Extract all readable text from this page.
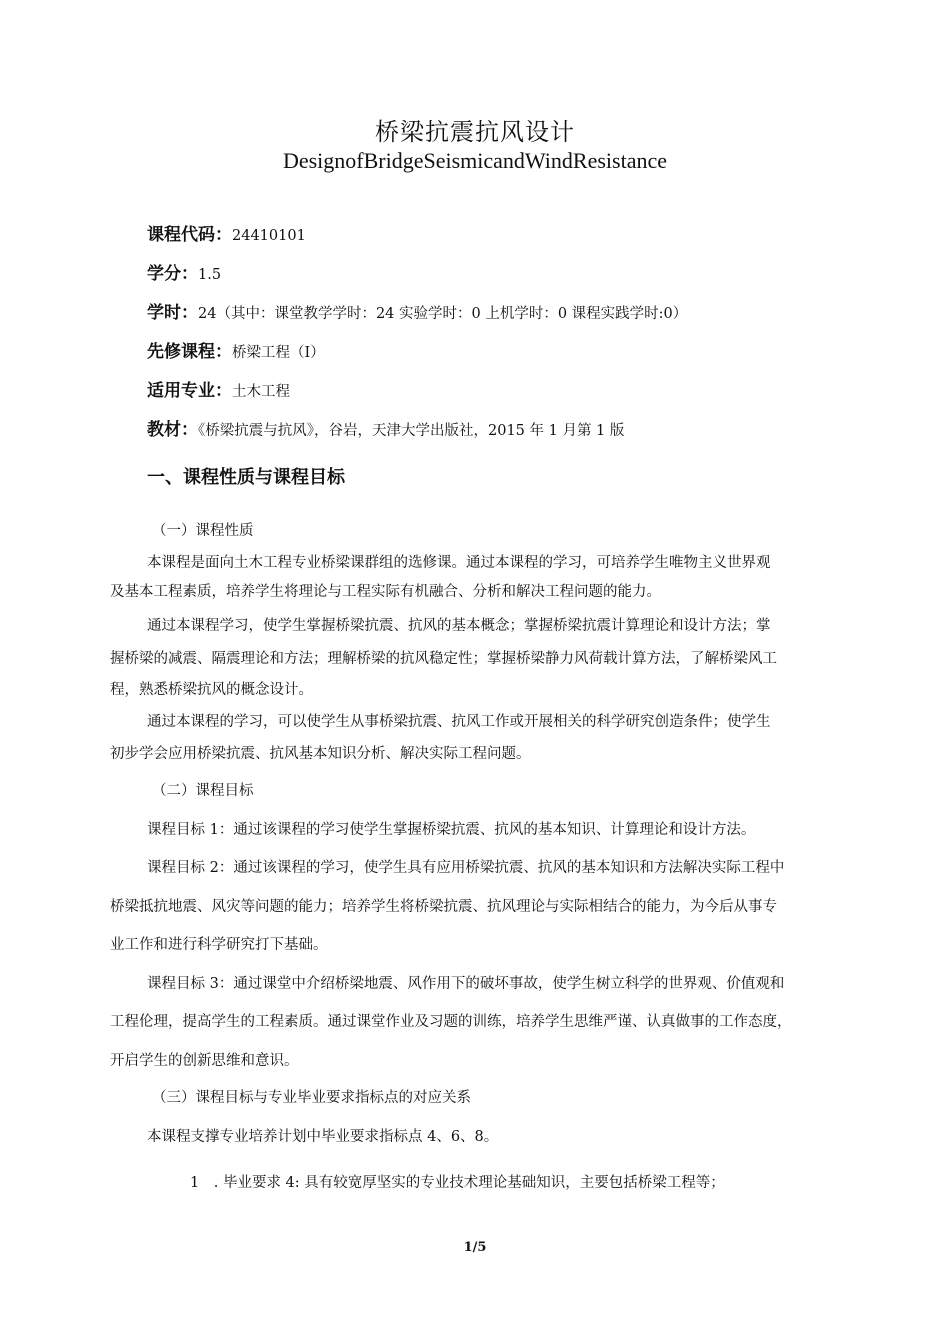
桥梁抗震抗风设计
DesignofBridgeSeismicandWindResistance
课程代码：24410101
学分：1.5
学时：24（其中：课堂教学学时：24 实验学时：0 上机学时：0 课程实践学时:0）
先修课程：桥梁工程（I）
适用专业：土木工程
教材：《桥梁抗震与抗风》，谷岩，天津大学出版社，2015 年 1 月第 1 版
一、课程性质与课程目标
（一）课程性质
本课程是面向土木工程专业桥梁课群组的选修课。通过本课程的学习，可培养学生唯物主义世界观
及基本工程素质，培养学生将理论与工程实际有机融合、分析和解决工程问题的能力。
通过本课程学习，使学生掌握桥梁抗震、抗风的基本概念；掌握桥梁抗震计算理论和设计方法；掌
握桥梁的减震、隔震理论和方法；理解桥梁的抗风稳定性；掌握桥梁静力风荷载计算方法，了解桥梁风工
程，熟悉桥梁抗风的概念设计。
通过本课程的学习，可以使学生从事桥梁抗震、抗风工作或开展相关的科学研究创造条件；使学生
初步学会应用桥梁抗震、抗风基本知识分析、解决实际工程问题。
（二）课程目标
课程目标 1：通过该课程的学习使学生掌握桥梁抗震、抗风的基本知识、计算理论和设计方法。
课程目标 2：通过该课程的学习，使学生具有应用桥梁抗震、抗风的基本知识和方法解决实际工程中
桥梁抵抗地震、风灾等问题的能力；培养学生将桥梁抗震、抗风理论与实际相结合的能力，为今后从事专
业工作和进行科学研究打下基础。
课程目标 3：通过课堂中介绍桥梁地震、风作用下的破坏事故，使学生树立科学的世界观、价值观和
工程伦理，提高学生的工程素质。通过课堂作业及习题的训练，培养学生思维严谨、认真做事的工作态度，
开启学生的创新思维和意识。
（三）课程目标与专业毕业要求指标点的对应关系
本课程支撑专业培养计划中毕业要求指标点 4、6、8。
1　. 毕业要求 4: 具有较宽厚坚实的专业技术理论基础知识，主要包括桥梁工程等；
1/5
